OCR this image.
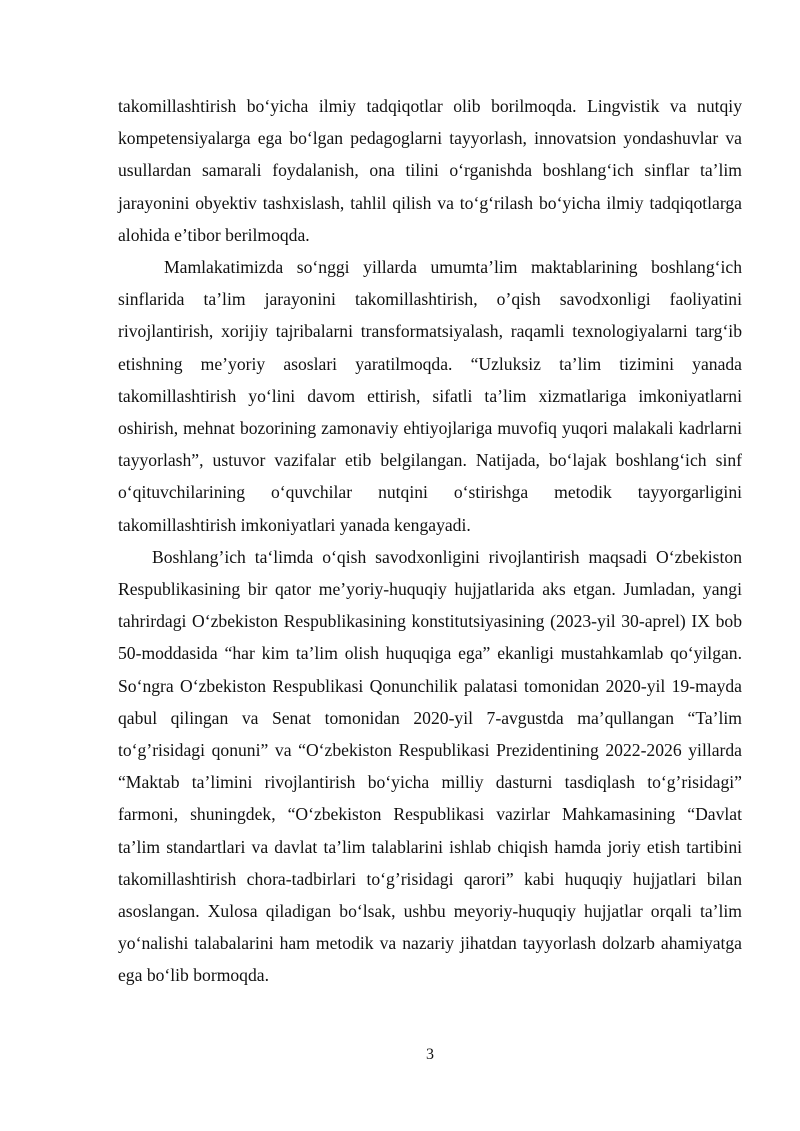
takomillashtirish bo‘yicha ilmiy tadqiqotlar olib borilmoqda. Lingvistik va nutqiy kompetensiyalarga ega bo‘lgan pedagoglarni tayyorlash, innovatsion yondashuvlar va usullardan samarali foydalanish, ona tilini o‘rganishda boshlang‘ich sinflar ta’lim jarayonini obyektiv tashxislash, tahlil qilish va to‘g‘rilash bo‘yicha ilmiy tadqiqotlarga alohida e’tibor berilmoqda.

Mamlakatimizda so‘nggi yillarda umumta’lim maktablarining boshlang‘ich sinflarida ta’lim jarayonini takomillashtirish, o’qish savodxonligi faoliyatini rivojlantirish, xorijiy tajribalarni transformatsiyalash, raqamli texnologiyalarni targ‘ib etishning me’yoriy asoslari yaratilmoqda. “Uzluksiz ta’lim tizimini yanada takomillashtirish yo‘lini davom ettirish, sifatli ta’lim xizmatlariga imkoniyatlarni oshirish, mehnat bozorining zamonaviy ehtiyojlariga muvofiq yuqori malakali kadrlarni tayyorlash”, ustuvor vazifalar etib belgilangan. Natijada, bo‘lajak boshlang‘ich sinf o‘qituvchilarining o‘quvchilar nutqini o‘stirishga metodik tayyorgarligini takomillashtirish imkoniyatlari yanada kengayadi.

Boshlang’ich ta‘limda o‘qish savodxonligini rivojlantirish maqsadi O‘zbekiston Respublikasining bir qator me’yoriy-huquqiy hujjatlarida aks etgan. Jumladan, yangi tahrirdagi O‘zbekiston Respublikasining konstitutsiyasining (2023-yil 30-aprel) IX bob 50-moddasida “har kim ta’lim olish huquqiga ega” ekanligi mustahkamlab qo‘yilgan. So‘ngra O‘zbekiston Respublikasi Qonunchilik palatasi tomonidan 2020-yil 19-mayda qabul qilingan va Senat tomonidan 2020-yil 7-avgustda ma’qullangan “Ta’lim to‘g’risidagi qonuni” va “O‘zbekiston Respublikasi Prezidentining 2022-2026 yillarda “Maktab ta’limini rivojlantirish bo‘yicha milliy dasturni tasdiqlash to‘g’risidagi” farmoni, shuningdek, “O‘zbekiston Respublikasi vazirlar Mahkamasining “Davlat ta’lim standartlari va davlat ta’lim talablarini ishlab chiqish hamda joriy etish tartibini takomillashtirish chora-tadbirlari to‘g’risidagi qarori” kabi huquqiy hujjatlari bilan asoslangan. Xulosa qiladigan bo‘lsak, ushbu meyoriy-huquqiy hujjatlar orqali ta’lim yo‘nalishi talabalarini ham metodik va nazariy jihatdan tayyorlash dolzarb ahamiyatga ega bo‘lib bormoqda.

3
